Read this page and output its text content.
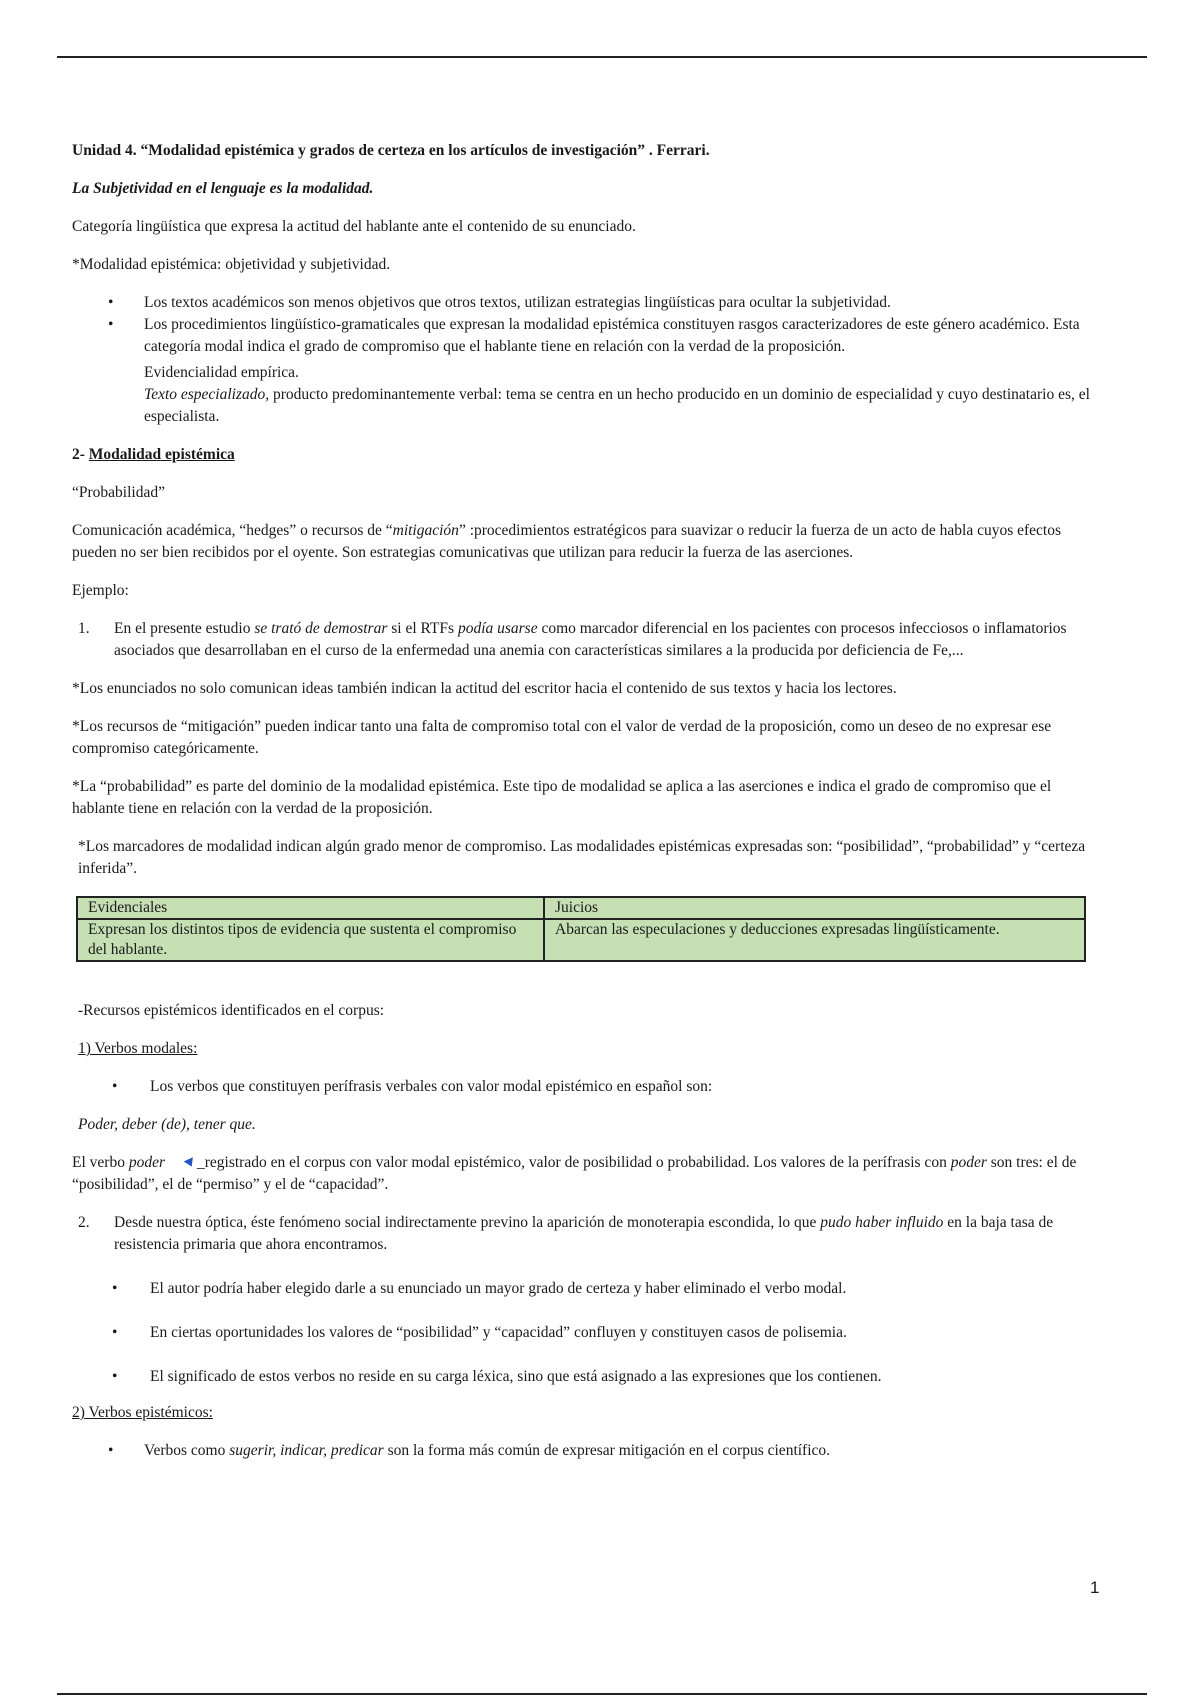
Unidad 4. “Modalidad epistémica y grados de certeza en los artículos de investigación” . Ferrari.

La Subjetividad en el lenguaje es la modalidad.

Categoría lingüística que expresa la actitud del hablante ante el contenido de su enunciado.

*Modalidad epistémica: objetividad y subjetividad.

• Los textos académicos son menos objetivos que otros textos, utilizan estrategias lingüísticas para ocultar la subjetividad.
• Los procedimientos lingüístico-gramaticales que expresan la modalidad epistémica constituyen rasgos caracterizadores de este género académico. Esta categoría modal indica el grado de compromiso que el hablante tiene en relación con la verdad de la proposición.
Evidencialidad empírica.
Texto especializado, producto predominantemente verbal: tema se centra en un hecho producido en un dominio de especialidad y cuyo destinatario es, el especialista.

2- Modalidad epistémica

“Probabilidad”

Comunicación académica, “hedges” o recursos de “mitigación” :procedimientos estratégicos para suavizar o reducir la fuerza de un acto de habla cuyos efectos pueden no ser bien recibidos por el oyente. Son estrategias comunicativas que utilizan para reducir la fuerza de las aserciones.

Ejemplo:

1. En el presente estudio se trató de demostrar si el RTFs podía usarse como marcador diferencial en los pacientes con procesos infecciosos o inflamatorios asociados que desarrollaban en el curso de la enfermedad una anemia con características similares a la producida por deficiencia de Fe,...

*Los enunciados no solo comunican ideas también indican la actitud del escritor hacia el contenido de sus textos y hacia los lectores.

*Los recursos de “mitigación” pueden indicar tanto una falta de compromiso total con el valor de verdad de la proposición, como un deseo de no expresar ese compromiso categóricamente.

*La “probabilidad” es parte del dominio de la modalidad epistémica. Este tipo de modalidad se aplica a las aserciones e indica el grado de compromiso que el hablante tiene en relación con la verdad de la proposición.

*Los marcadores de modalidad indican algún grado menor de compromiso. Las modalidades epistémicas expresadas son: “posibilidad”, “probabilidad” y “certeza inferida”.

Evidenciales	Juicios
Expresan los distintos tipos de evidencia que sustenta el compromiso del hablante.	Abarcan las especulaciones y deducciones expresadas lingüísticamente.

-Recursos epistémicos identificados en el corpus:

1) Verbos modales:

• Los verbos que constituyen perífrasis verbales con valor modal epistémico en español son:

Poder, deber (de), tener que.

El verbo poder _registrado en el corpus con valor modal epistémico, valor de posibilidad o probabilidad. Los valores de la perífrasis con poder son tres: el de “posibilidad”, el de “permiso” y el de “capacidad”.

2. Desde nuestra óptica, éste fenómeno social indirectamente previno la aparición de monoterapia escondida, lo que pudo haber influido en la baja tasa de resistencia primaria que ahora encontramos.
• El autor podría haber elegido darle a su enunciado un mayor grado de certeza y haber eliminado el verbo modal.
• En ciertas oportunidades los valores de “posibilidad” y “capacidad” confluyen y constituyen casos de polisemia.
• El significado de estos verbos no reside en su carga léxica, sino que está asignado a las expresiones que los contienen.

2) Verbos epistémicos:

• Verbos como sugerir, indicar, predicar son la forma más común de expresar mitigación en el corpus científico.
1
